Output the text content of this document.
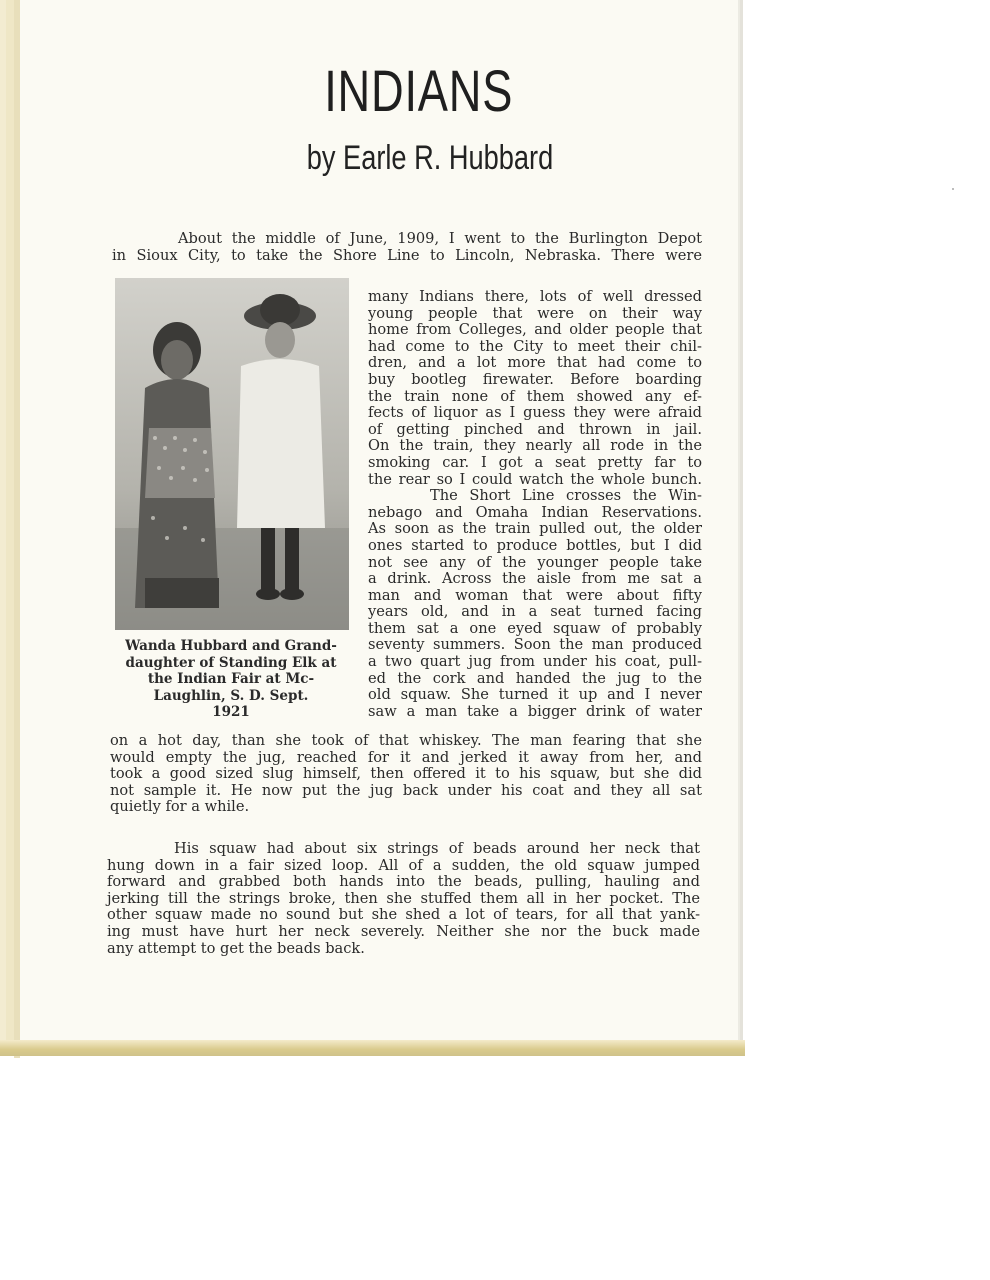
INDIANS
by Earle R. Hubbard
About the middle of June, 1909, I went to the Burlington Depot
in Sioux City, to take the Shore Line to Lincoln, Nebraska. There were
Wanda Hubbard and Grand-
daughter of Standing Elk at
the Indian Fair at Mc-
Laughlin, S. D. Sept.
1921
many Indians there, lots of well dressed
young people that were on their way
home from Colleges, and older people that
had come to the City to meet their chil-
dren, and a lot more that had come to
buy bootleg firewater. Before boarding
the train none of them showed any ef-
fects of liquor as I guess they were afraid
of getting pinched and thrown in jail.
On the train, they nearly all rode in the
smoking car. I got a seat pretty far to
the rear so I could watch the whole bunch.
The Short Line crosses the Win-
nebago and Omaha Indian Reservations.
As soon as the train pulled out, the older
ones started to produce bottles, but I did
not see any of the younger people take
a drink. Across the aisle from me sat a
man and woman that were about fifty
years old, and in a seat turned facing
them sat a one eyed squaw of probably
seventy summers. Soon the man produced
a two quart jug from under his coat, pull-
ed the cork and handed the jug to the
old squaw. She turned it up and I never
saw a man take a bigger drink of water
on a hot day, than she took of that whiskey. The man fearing that she
would empty the jug, reached for it and jerked it away from her, and
took a good sized slug himself, then offered it to his squaw, but she did
not sample it. He now put the jug back under his coat and they all sat
quietly for a while.
His squaw had about six strings of beads around her neck that
hung down in a fair sized loop. All of a sudden, the old squaw jumped
forward and grabbed both hands into the beads, pulling, hauling and
jerking till the strings broke, then she stuffed them all in her pocket. The
other squaw made no sound but she shed a lot of tears, for all that yank-
ing must have hurt her neck severely. Neither she nor the buck made
any attempt to get the beads back.
